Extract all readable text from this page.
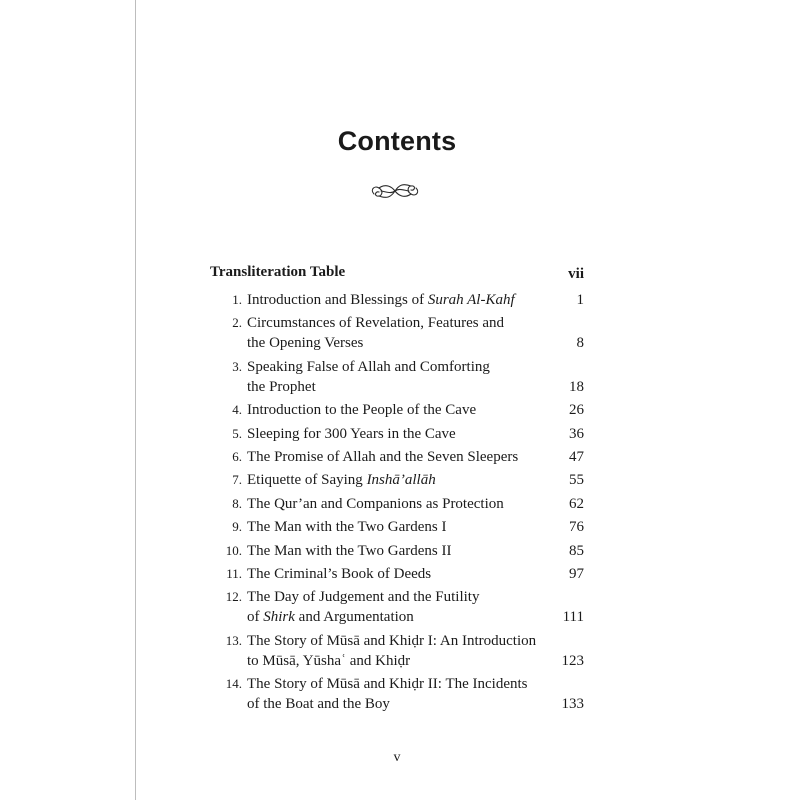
Contents
Transliteration Table	vii
1. Introduction and Blessings of Surah Al-Kahf	1
2. Circumstances of Revelation, Features and
the Opening Verses	8
3. Speaking False of Allah and Comforting
the Prophet	18
4. Introduction to the People of the Cave	26
5. Sleeping for 300 Years in the Cave	36
6. The Promise of Allah and the Seven Sleepers	47
7. Etiquette of Saying Inshā’allāh	55
8. The Qur’an and Companions as Protection	62
9. The Man with the Two Gardens I	76
10. The Man with the Two Gardens II	85
11. The Criminal’s Book of Deeds	97
12. The Day of Judgement and the Futility
of Shirk and Argumentation	111
13. The Story of Mūsā and Khiḍr I: An Introduction
to Mūsā, Yūshaʿ and Khiḍr	123
14. The Story of Mūsā and Khiḍr II: The Incidents
of the Boat and the Boy	133
v
